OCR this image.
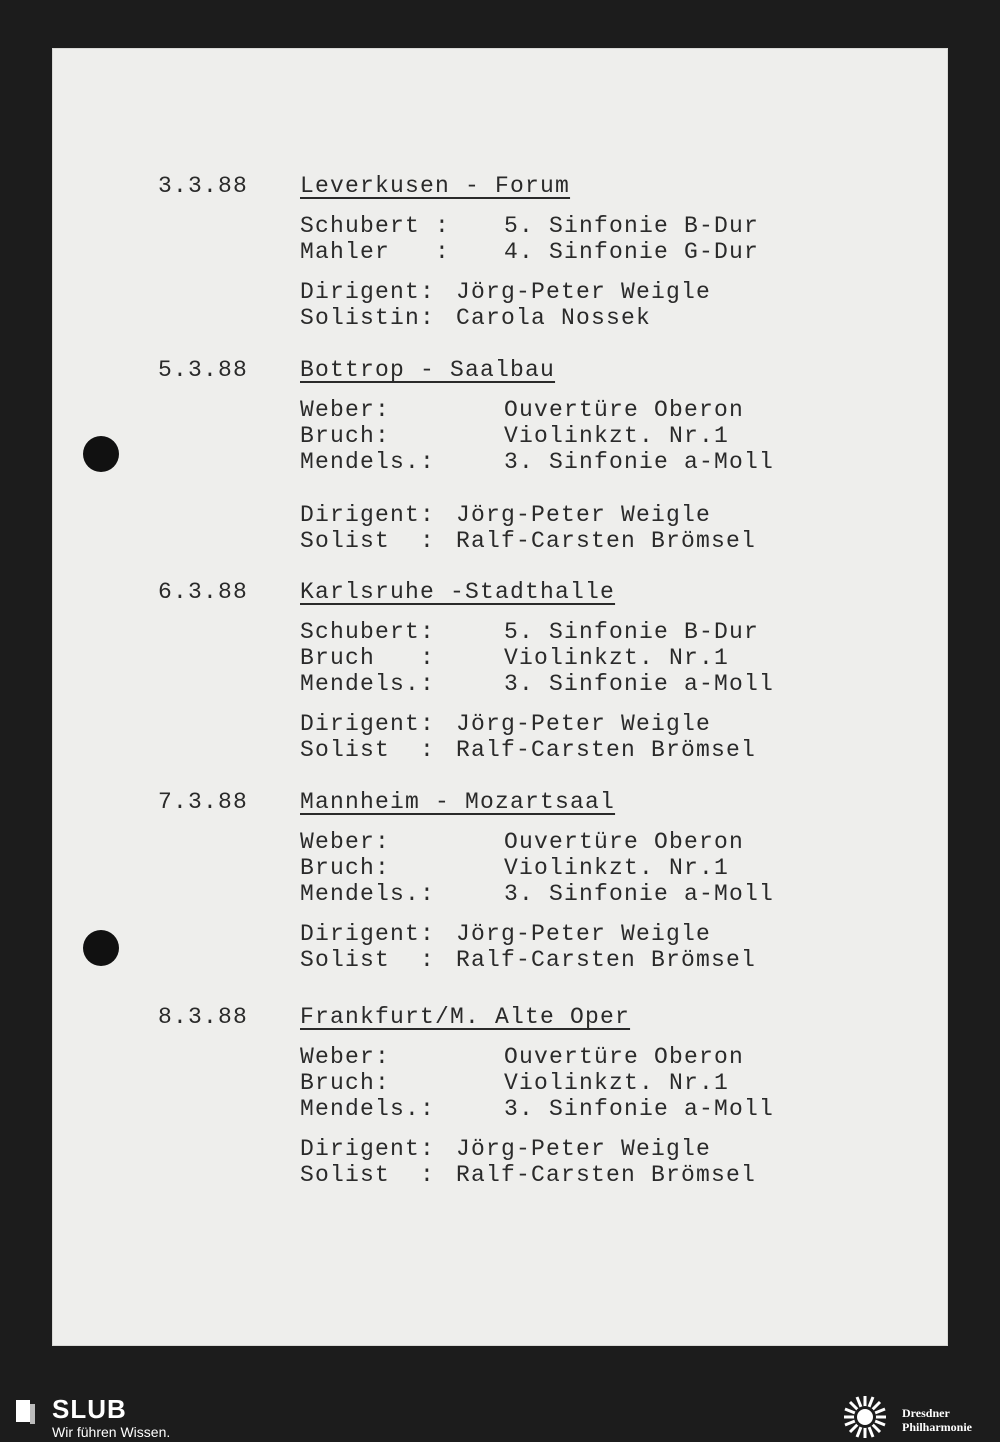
3.3.88 Leverkusen - Forum
Schubert : 5. Sinfonie B-Dur
Mahler   : 4. Sinfonie G-Dur
Dirigent: Jörg-Peter Weigle
Solistin: Carola Nossek
5.3.88 Bottrop - Saalbau
Weber:	Ouvertüre Oberon
Bruch:	Violinkzt. Nr.1
Mendels.:	3. Sinfonie a-Moll
Dirigent: Jörg-Peter Weigle
Solist  : Ralf-Carsten Brömsel
6.3.88 Karlsruhe -Stadthalle
Schubert:	5. Sinfonie B-Dur
Bruch   :	Violinkzt. Nr.1
Mendels.:	3. Sinfonie a-Moll
Dirigent: Jörg-Peter Weigle
Solist  : Ralf-Carsten Brömsel
7.3.88 Mannheim - Mozartsaal
Weber:	Ouvertüre Oberon
Bruch:	Violinkzt. Nr.1
Mendels.:	3. Sinfonie a-Moll
Dirigent: Jörg-Peter Weigle
Solist  : Ralf-Carsten Brömsel
8.3.88 Frankfurt/M. Alte Oper
Weber:	Ouvertüre Oberon
Bruch:	Violinkzt. Nr.1
Mendels.:	3. Sinfonie a-Moll
Dirigent: Jörg-Peter Weigle
Solist  : Ralf-Carsten Brömsel
SLUB
Wir führen Wissen.
Dresdner
Philharmonie
